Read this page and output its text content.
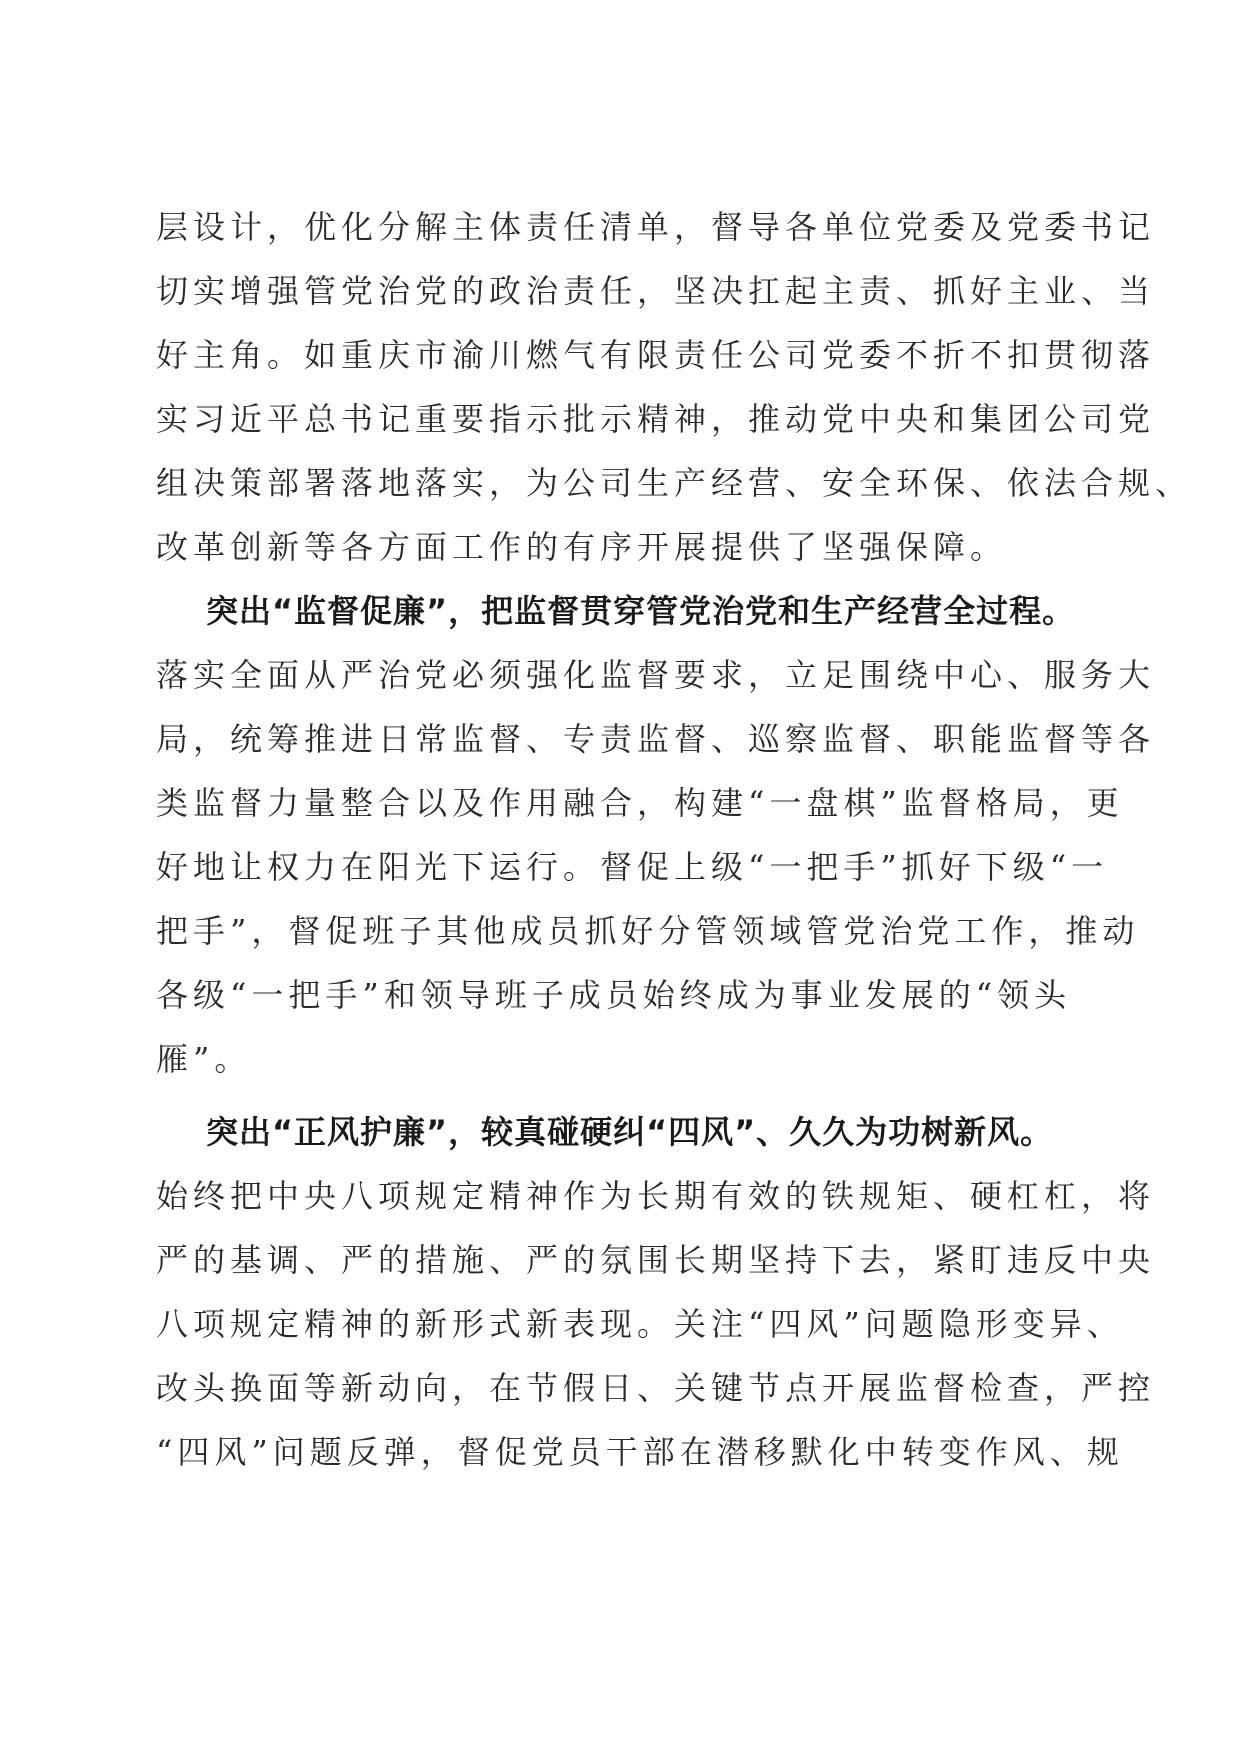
层设计，优化分解主体责任清单，督导各单位党委及党委书记
切实增强管党治党的政治责任，坚决扛起主责、抓好主业、当
好主角。如重庆市渝川燃气有限责任公司党委不折不扣贯彻落
实习近平总书记重要指示批示精神，推动党中央和集团公司党
组决策部署落地落实，为公司生产经营、安全环保、依法合规、
改革创新等各方面工作的有序开展提供了坚强保障。
突出“监督促廉”，把监督贯穿管党治党和生产经营全过程。
落实全面从严治党必须强化监督要求，立足围绕中心、服务大
局，统筹推进日常监督、专责监督、巡察监督、职能监督等各
类监督力量整合以及作用融合，构建“一盘棋”监督格局，更
好地让权力在阳光下运行。督促上级“一把手”抓好下级“一
把手”，督促班子其他成员抓好分管领域管党治党工作，推动
各级“一把手”和领导班子成员始终成为事业发展的“领头
雁”。
突出“正风护廉”，较真碰硬纠“四风”、久久为功树新风。
始终把中央八项规定精神作为长期有效的铁规矩、硬杠杠，将
严的基调、严的措施、严的氛围长期坚持下去，紧盯违反中央
八项规定精神的新形式新表现。关注“四风”问题隐形变异、
改头换面等新动向，在节假日、关键节点开展监督检查，严控
“四风”问题反弹，督促党员干部在潜移默化中转变作风、规
